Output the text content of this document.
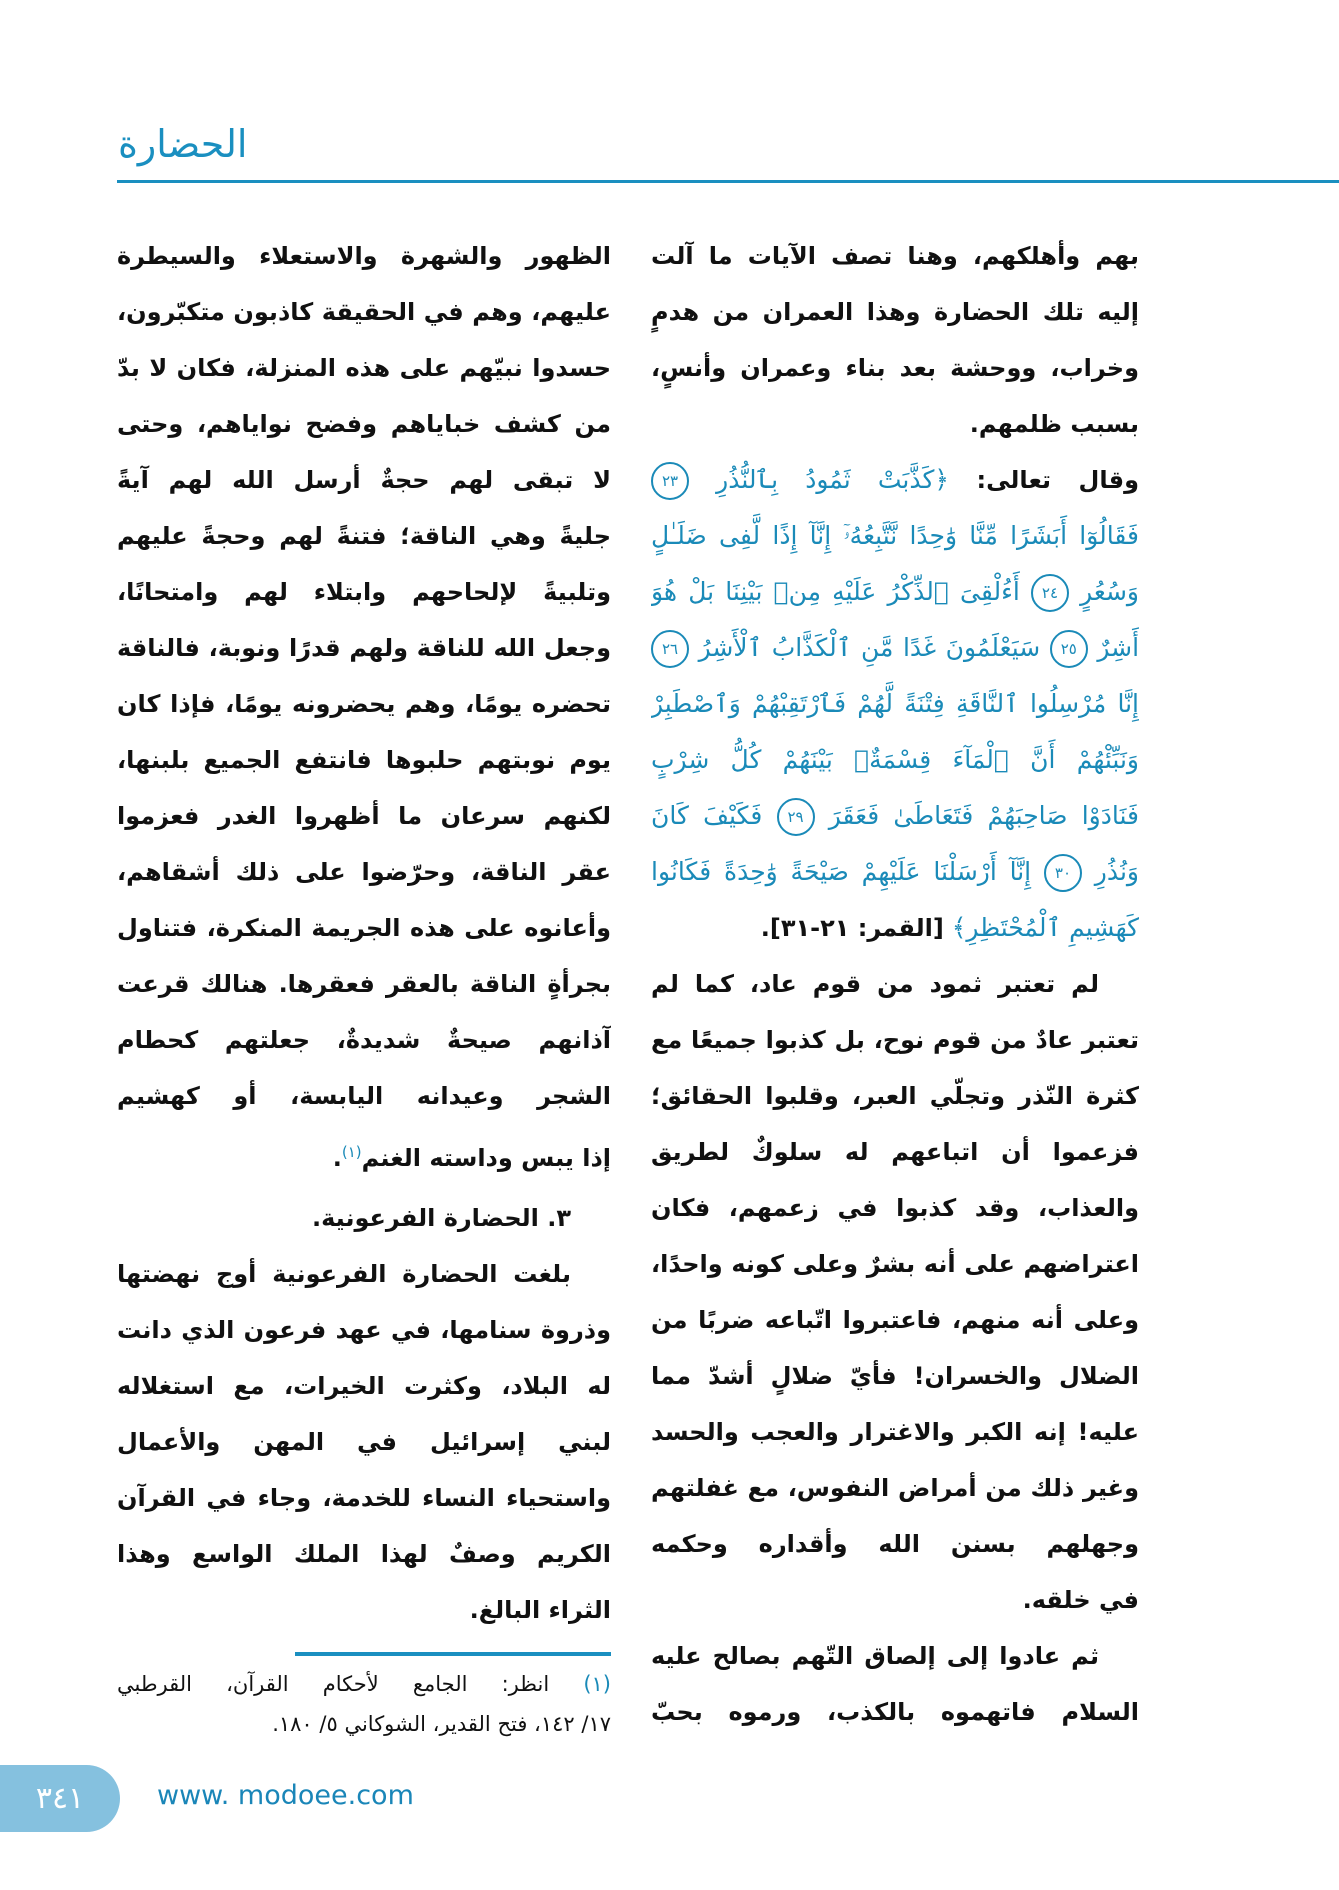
الحضارة
بهم وأهلكهم، وهنا تصف الآيات ما آلت
إليه تلك الحضارة وهذا العمران من هدمٍ
وخراب، ووحشة بعد بناء وعمران وأنسٍ،
بسبب ظلمهم.
وقال تعالى: ﴿كَذَّبَتْ ثَمُودُ بِٱلنُّذُرِ ٢٣
فَقَالُوٓا أَبَشَرًا مِّنَّا وَٰحِدًا نَّتَّبِعُهُۥٓ إِنَّآ إِذًا لَّفِى ضَلَـٰلٍ
وَسُعُرٍ ٢٤ أَءُلْقِىَ ٱلذِّكْرُ عَلَيْهِ مِنۢ بَيْنِنَا بَلْ هُوَ
أَشِرٌ ٢٥ سَيَعْلَمُونَ غَدًا مَّنِ ٱلْكَذَّابُ ٱلْأَشِرُ ٢٦
إِنَّا مُرْسِلُوا ٱلنَّاقَةِ فِتْنَةً لَّهُمْ فَٱرْتَقِبْهُمْ وَٱصْطَبِرْ
وَنَبِّئْهُمْ أَنَّ ٱلْمَآءَ قِسْمَةٌۢ بَيْنَهُمْ كُلُّ شِرْبٍ
فَنَادَوْا صَاحِبَهُمْ فَتَعَاطَىٰ فَعَقَرَ ٢٩ فَكَيْفَ كَانَ
وَنُذُرِ ٣٠ إِنَّآ أَرْسَلْنَا عَلَيْهِمْ صَيْحَةً وَٰحِدَةً فَكَانُوا
كَهَشِيمِ ٱلْمُحْتَظِرِ﴾ [القمر: ٢١-٣١].
لم تعتبر ثمود من قوم عاد، كما لم
تعتبر عادٌ من قوم نوح، بل كذبوا جميعًا مع
كثرة النّذر وتجلّي العبر، وقلبوا الحقائق؛
فزعموا أن اتباعهم له سلوكٌ لطريق
والعذاب، وقد كذبوا في زعمهم، فكان
اعتراضهم على أنه بشرٌ وعلى كونه واحدًا،
وعلى أنه منهم، فاعتبروا اتّباعه ضربًا من
الضلال والخسران! فأيّ ضلالٍ أشدّ مما
عليه! إنه الكبر والاغترار والعجب والحسد
وغير ذلك من أمراض النفوس، مع غفلتهم
وجهلهم بسنن الله وأقداره وحكمه
في خلقه.
ثم عادوا إلى إلصاق التّهم بصالح عليه
السلام فاتهموه بالكذب، ورموه بحبّ
الظهور والشهرة والاستعلاء والسيطرة
عليهم، وهم في الحقيقة كاذبون متكبّرون،
حسدوا نبيّهم على هذه المنزلة، فكان لا بدّ
من كشف خباياهم وفضح نواياهم، وحتى
لا تبقى لهم حجةٌ أرسل الله لهم آيةً
جليةً وهي الناقة؛ فتنةً لهم وحجةً عليهم
وتلبيةً لإلحاحهم وابتلاء لهم وامتحانًا،
وجعل الله للناقة ولهم قدرًا ونوبة، فالناقة
تحضره يومًا، وهم يحضرونه يومًا، فإذا كان
يوم نوبتهم حلبوها فانتفع الجميع بلبنها،
لكنهم سرعان ما أظهروا الغدر فعزموا
عقر الناقة، وحرّضوا على ذلك أشقاهم،
وأعانوه على هذه الجريمة المنكرة، فتناول
بجرأةٍ الناقة بالعقر فعقرها. هنالك قرعت
آذانهم صيحةٌ شديدةٌ، جعلتهم كحطام
الشجر وعيدانه اليابسة، أو كهشيم
إذا يبس وداسته الغنم$^{(١)}$.
٣. الحضارة الفرعونية.
بلغت الحضارة الفرعونية أوج نهضتها
وذروة سنامها، في عهد فرعون الذي دانت
له البلاد، وكثرت الخيرات، مع استغلاله
لبني إسرائيل في المهن والأعمال
واستحياء النساء للخدمة، وجاء في القرآن
الكريم وصفٌ لهذا الملك الواسع وهذا
الثراء البالغ.
(١) انظر: الجامع لأحكام القرآن، القرطبي
١٧/ ١٤٢، فتح القدير، الشوكاني ٥/ ١٨٠.
٣٤١	www. modoee.com
